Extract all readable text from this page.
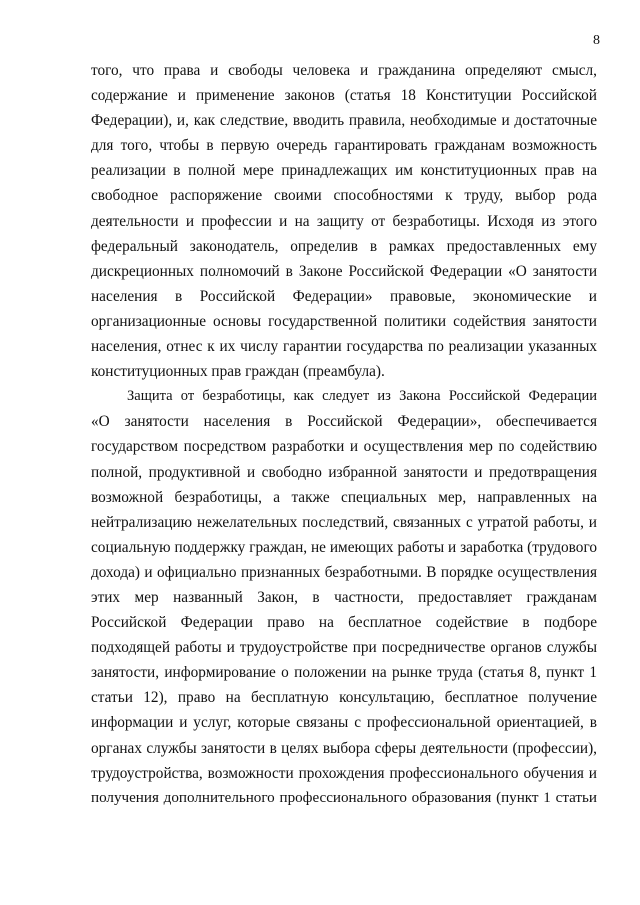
8
того, что права и свободы человека и гражданина определяют смысл,
содержание и применение законов (статья 18 Конституции Российской
Федерации), и, как следствие, вводить правила, необходимые и достаточные
для того, чтобы в первую очередь гарантировать гражданам возможность
реализации в полной мере принадлежащих им конституционных прав на
свободное распоряжение своими способностями к труду, выбор рода
деятельности и профессии и на защиту от безработицы. Исходя из этого
федеральный законодатель, определив в рамках предоставленных ему
дискреционных полномочий в Законе Российской Федерации «О занятости
населения в Российской Федерации» правовые, экономические и
организационные основы государственной политики содействия занятости
населения, отнес к их числу гарантии государства по реализации указанных
конституционных прав граждан (преамбула).
Защита от безработицы, как следует из Закона Российской Федерации
«О занятости населения в Российской Федерации», обеспечивается
государством посредством разработки и осуществления мер по содействию
полной, продуктивной и свободно избранной занятости и предотвращения
возможной безработицы, а также специальных мер, направленных на
нейтрализацию нежелательных последствий, связанных с утратой работы, и
социальную поддержку граждан, не имеющих работы и заработка (трудового
дохода) и официально признанных безработными. В порядке осуществления
этих мер названный Закон, в частности, предоставляет гражданам
Российской Федерации право на бесплатное содействие в подборе
подходящей работы и трудоустройстве при посредничестве органов службы
занятости, информирование о положении на рынке труда (статья 8, пункт 1
статьи 12), право на бесплатную консультацию, бесплатное получение
информации и услуг, которые связаны с профессиональной ориентацией, в
органах службы занятости в целях выбора сферы деятельности (профессии),
трудоустройства, возможности прохождения профессионального обучения и
получения дополнительного профессионального образования (пункт 1 статьи
